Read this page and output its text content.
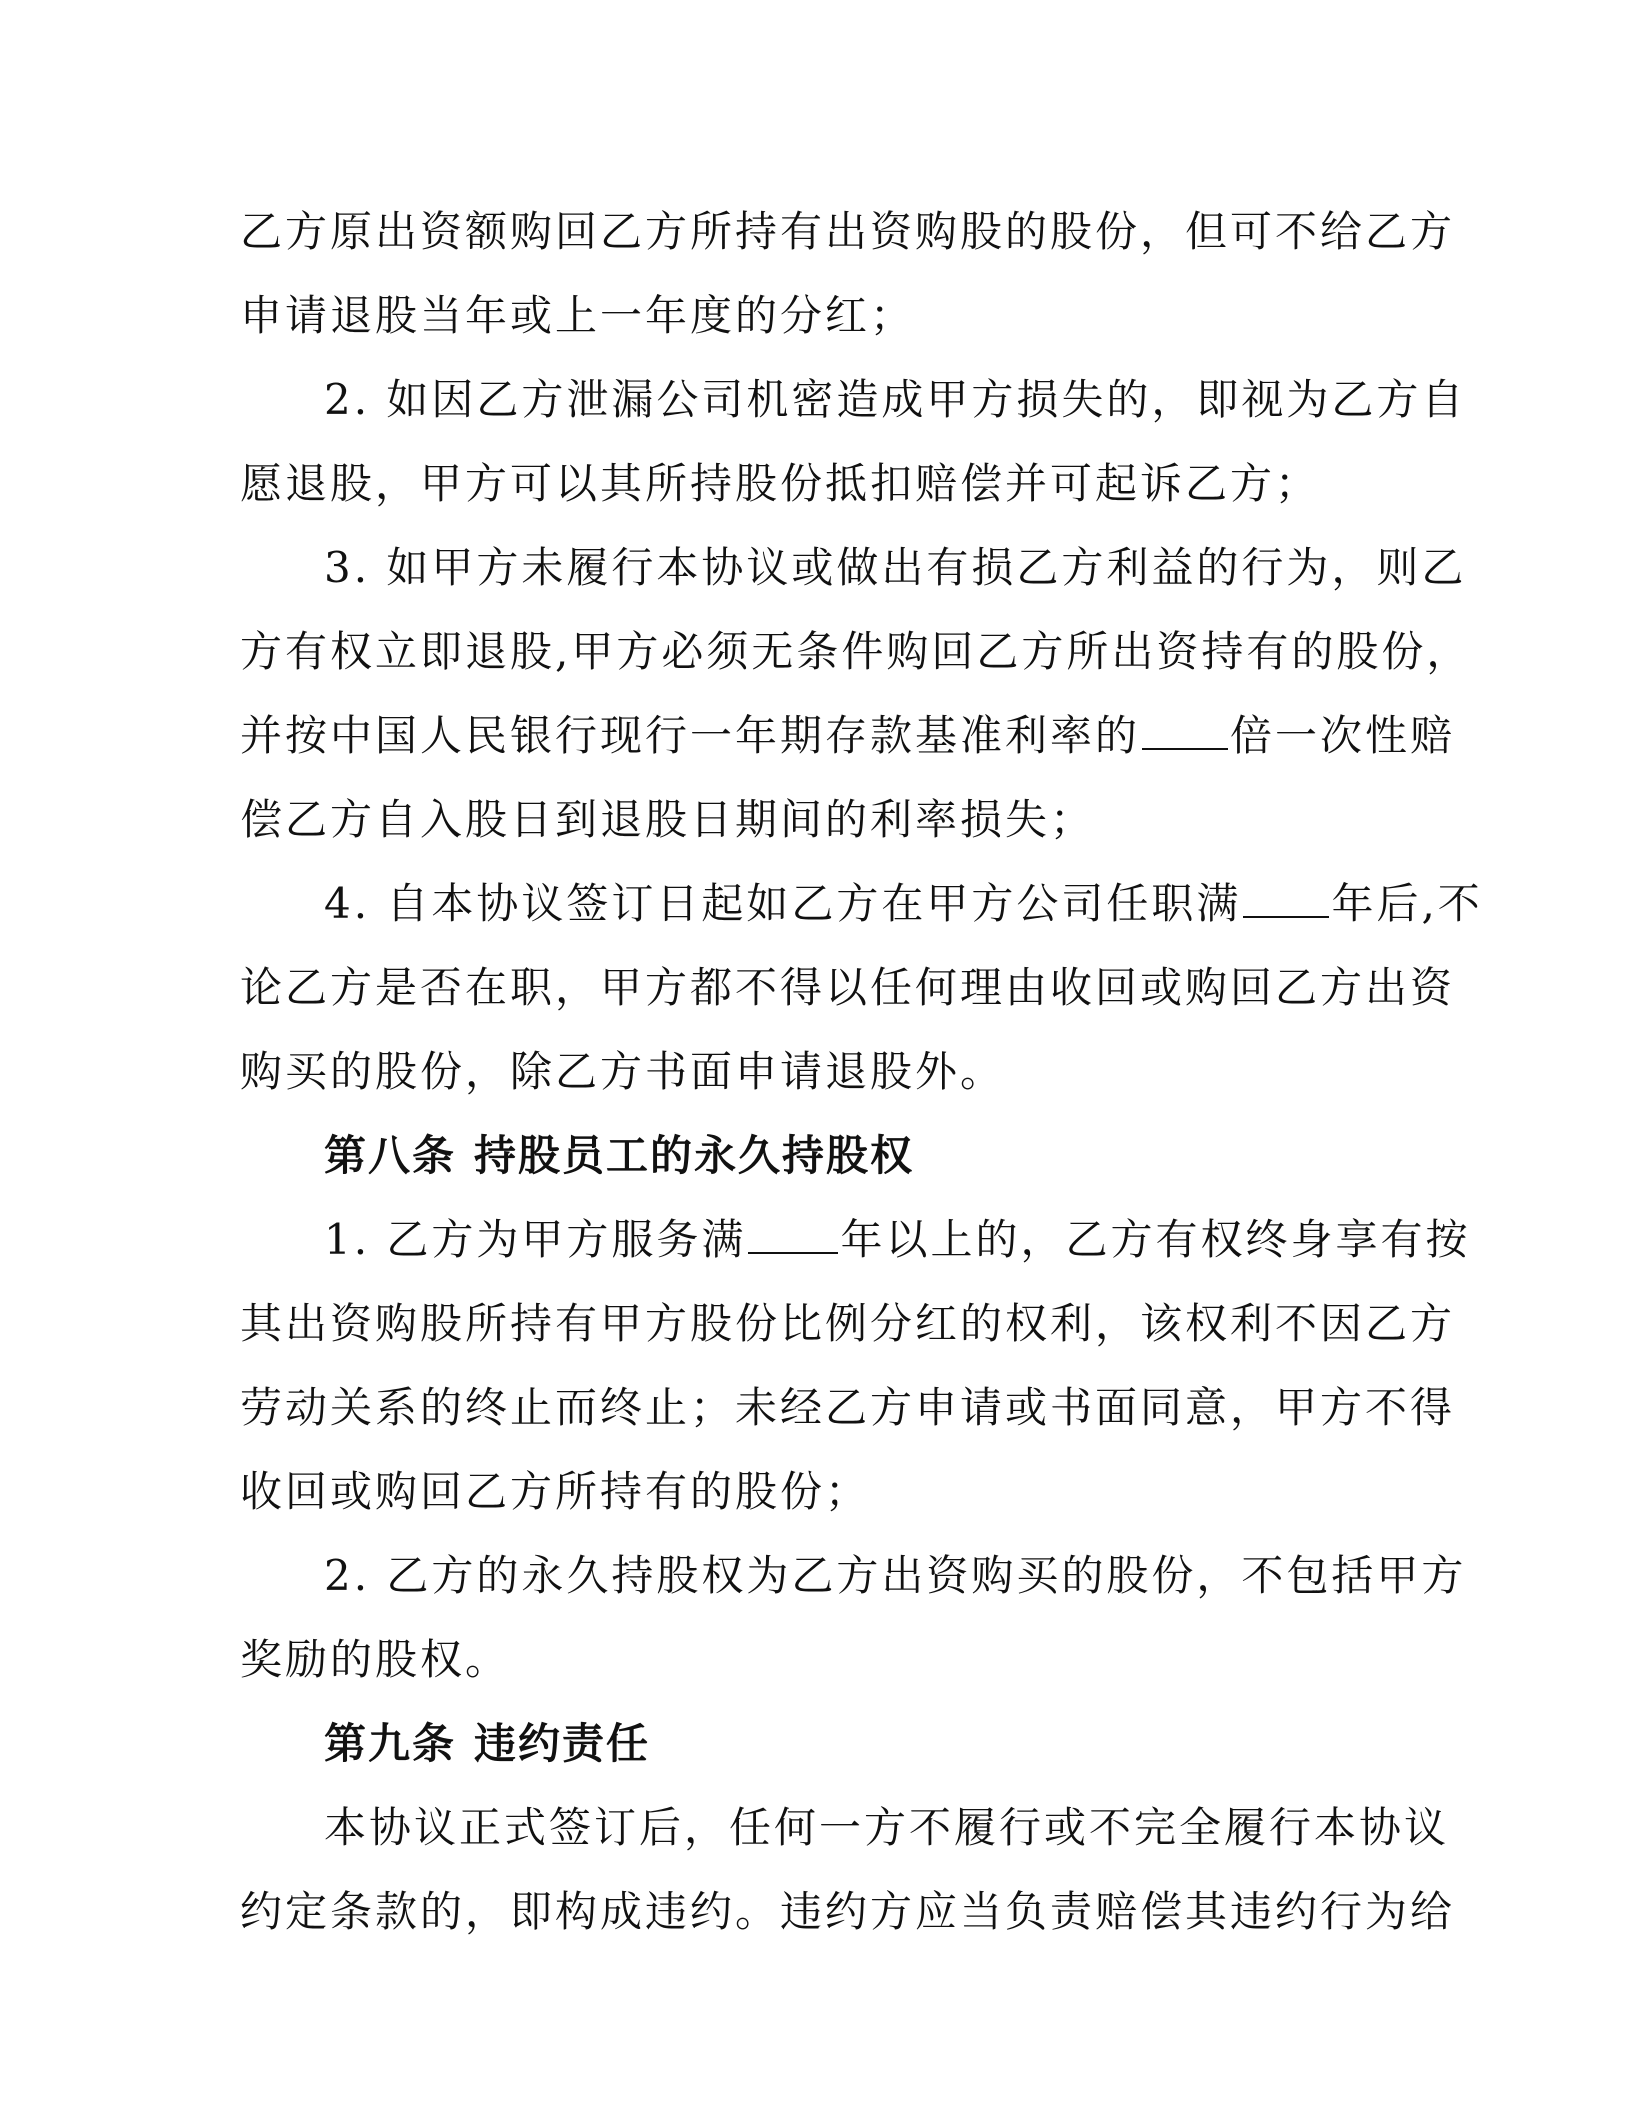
乙方原出资额购回乙方所持有出资购股的股份，但可不给乙方
申请退股当年或上一年度的分红；
2. 如因乙方泄漏公司机密造成甲方损失的，即视为乙方自
愿退股，甲方可以其所持股份抵扣赔偿并可起诉乙方；
3. 如甲方未履行本协议或做出有损乙方利益的行为，则乙
方有权立即退股,甲方必须无条件购回乙方所出资持有的股份，
并按中国人民银行现行一年期存款基准利率的 倍一次性赔
偿乙方自入股日到退股日期间的利率损失；
4. 自本协议签订日起如乙方在甲方公司任职满 年后,不
论乙方是否在职，甲方都不得以任何理由收回或购回乙方出资
购买的股份，除乙方书面申请退股外。
第八条 持股员工的永久持股权
1. 乙方为甲方服务满 年以上的，乙方有权终身享有按
其出资购股所持有甲方股份比例分红的权利，该权利不因乙方
劳动关系的终止而终止；未经乙方申请或书面同意，甲方不得
收回或购回乙方所持有的股份；
2. 乙方的永久持股权为乙方出资购买的股份，不包括甲方
奖励的股权。
第九条 违约责任
本协议正式签订后，任何一方不履行或不完全履行本协议
约定条款的，即构成违约。违约方应当负责赔偿其违约行为给
